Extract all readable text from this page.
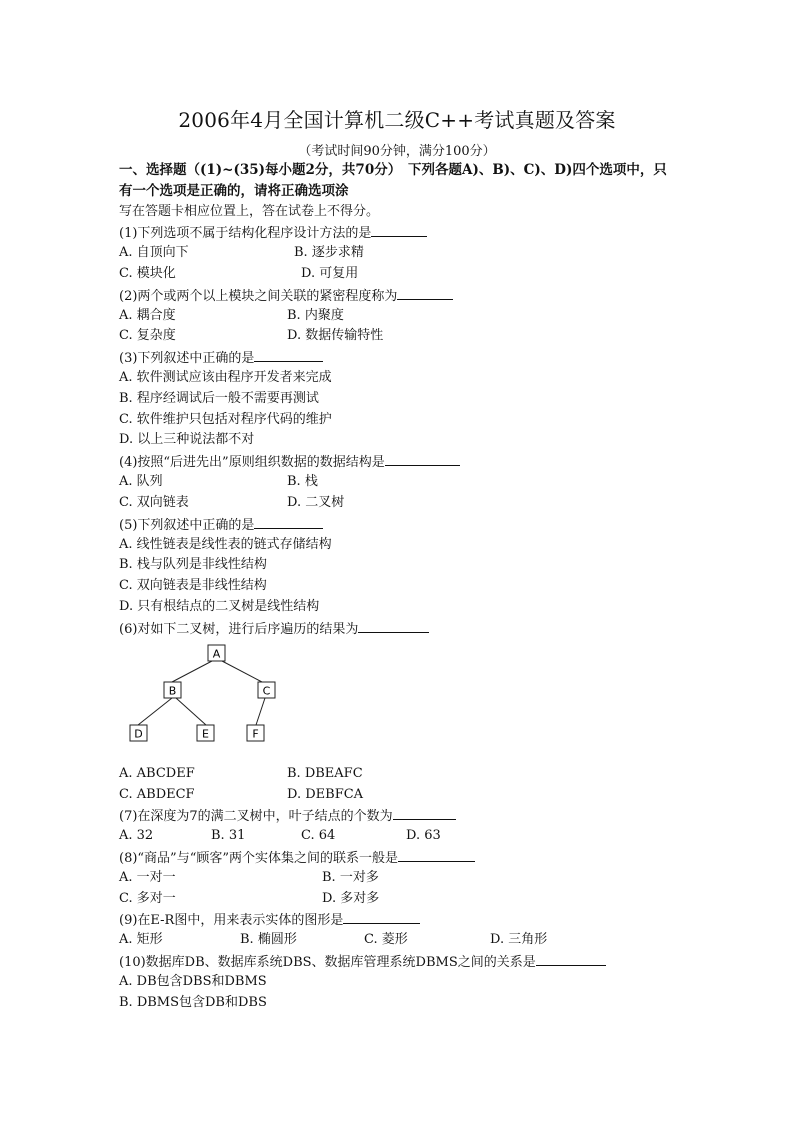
2006年4月全国计算机二级C++考试真题及答案
（考试时间90分钟，满分100分）
一、选择题（(1)~(35)每小题2分，共70分）　下列各题A)、B)、C)、D)四个选项中，只
有一个选项是正确的，请将正确选项涂
写在答题卡相应位置上，答在试卷上不得分。
(1)下列选项不属于结构化程序设计方法的是
A. 自顶向下	B. 逐步求精
C. 模块化	D. 可复用
(2)两个或两个以上模块之间关联的紧密程度称为
A. 耦合度	B. 内聚度
C. 复杂度	D. 数据传输特性
(3)下列叙述中正确的是
A. 软件测试应该由程序开发者来完成
B. 程序经调试后一般不需要再测试
C. 软件维护只包括对程序代码的维护
D. 以上三种说法都不对
(4)按照“后进先出”原则组织数据的数据结构是
A. 队列	B. 栈
C. 双向链表	D. 二叉树
(5)下列叙述中正确的是
A. 线性链表是线性表的链式存储结构
B. 栈与队列是非线性结构
C. 双向链表是非线性结构
D. 只有根结点的二叉树是线性结构
(6)对如下二叉树，进行后序遍历的结果为
A
B	C
D	E	F
A. ABCDEF	B. DBEAFC
C. ABDECF	D. DEBFCA
(7)在深度为7的满二叉树中，叶子结点的个数为
A. 32	B. 31	C. 64	D. 63
(8)“商品”与“顾客”两个实体集之间的联系一般是
A. 一对一	B. 一对多
C. 多对一	D. 多对多
(9)在E-R图中，用来表示实体的图形是
A. 矩形	B. 椭圆形	C. 菱形	D. 三角形
(10)数据库DB、数据库系统DBS、数据库管理系统DBMS之间的关系是
A. DB包含DBS和DBMS
B. DBMS包含DB和DBS
